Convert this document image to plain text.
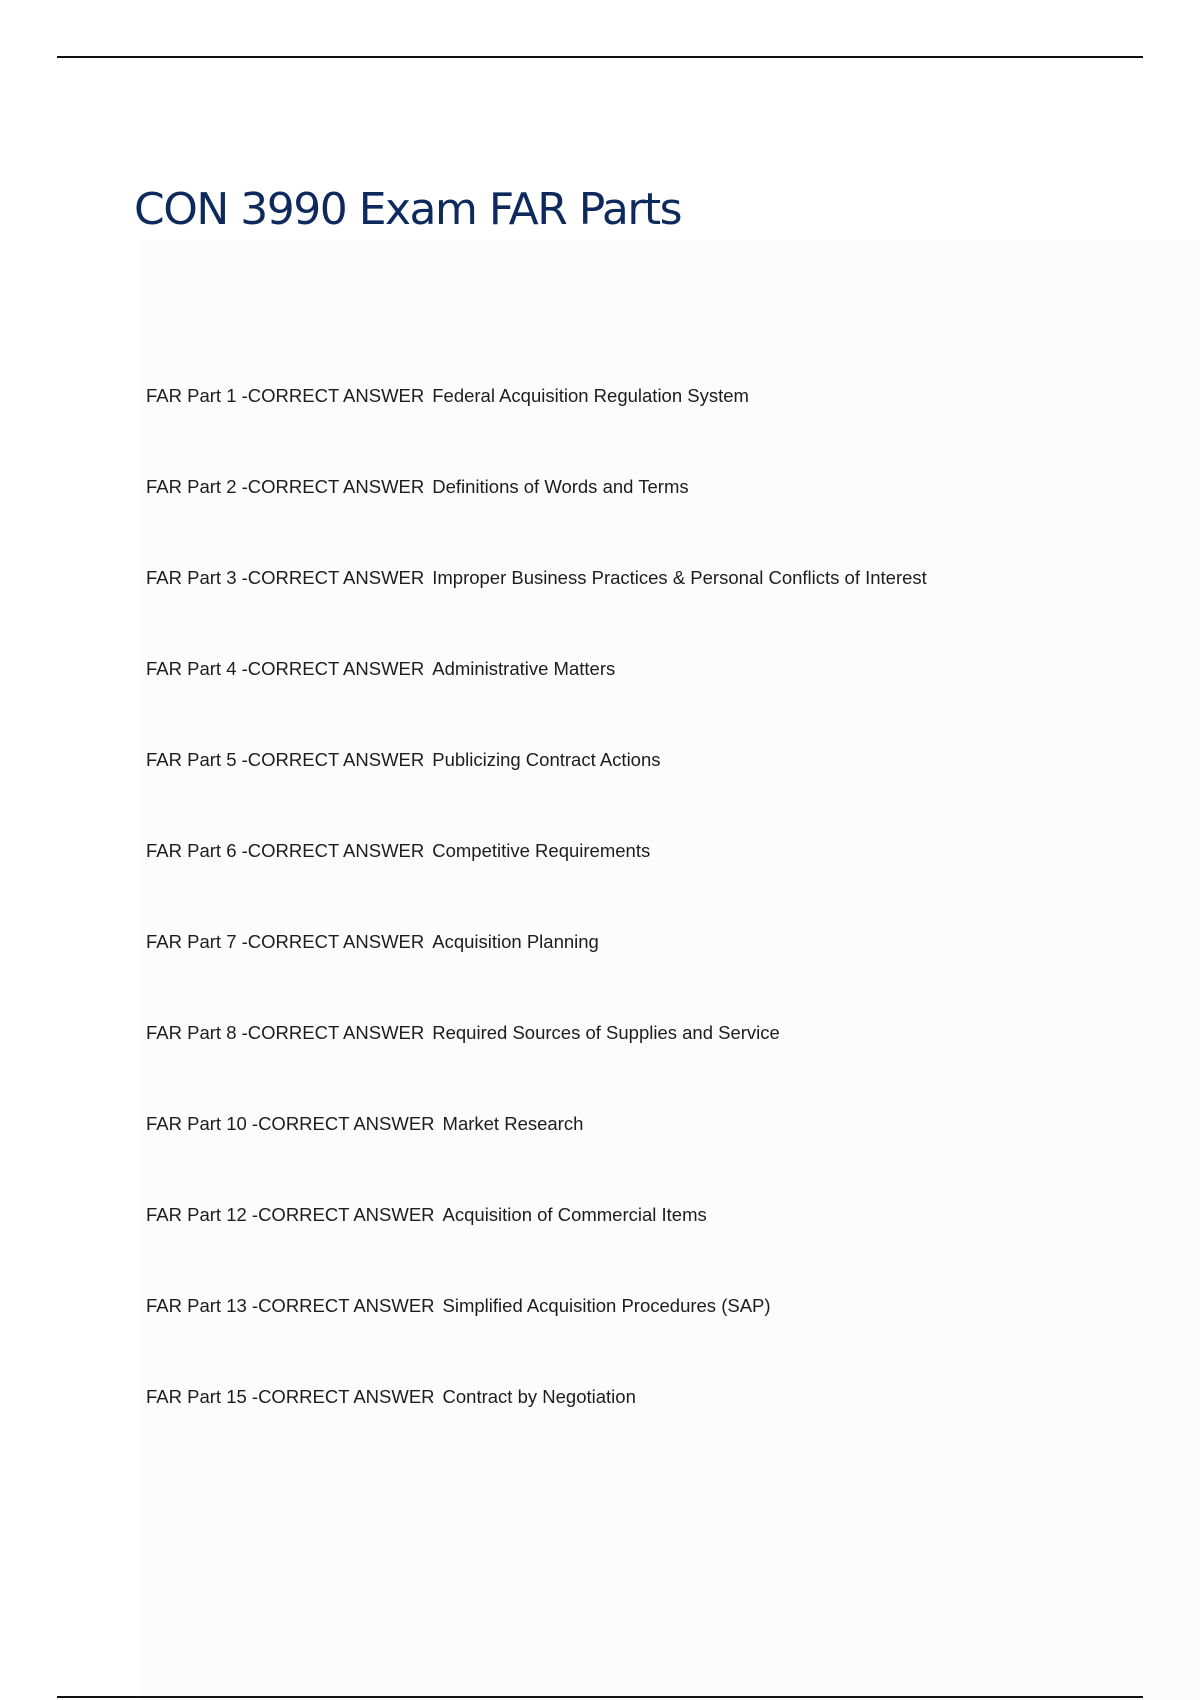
CON 3990 Exam FAR Parts
FAR Part 1 -CORRECT ANSWER Federal Acquisition Regulation System
FAR Part 2 -CORRECT ANSWER Definitions of Words and Terms
FAR Part 3 -CORRECT ANSWER Improper Business Practices & Personal Conflicts of Interest
FAR Part 4 -CORRECT ANSWER Administrative Matters
FAR Part 5 -CORRECT ANSWER Publicizing Contract Actions
FAR Part 6 -CORRECT ANSWER Competitive Requirements
FAR Part 7 -CORRECT ANSWER Acquisition Planning
FAR Part 8 -CORRECT ANSWER Required Sources of Supplies and Service
FAR Part 10 -CORRECT ANSWER Market Research
FAR Part 12 -CORRECT ANSWER Acquisition of Commercial Items
FAR Part 13 -CORRECT ANSWER Simplified Acquisition Procedures (SAP)
FAR Part 15 -CORRECT ANSWER Contract by Negotiation
